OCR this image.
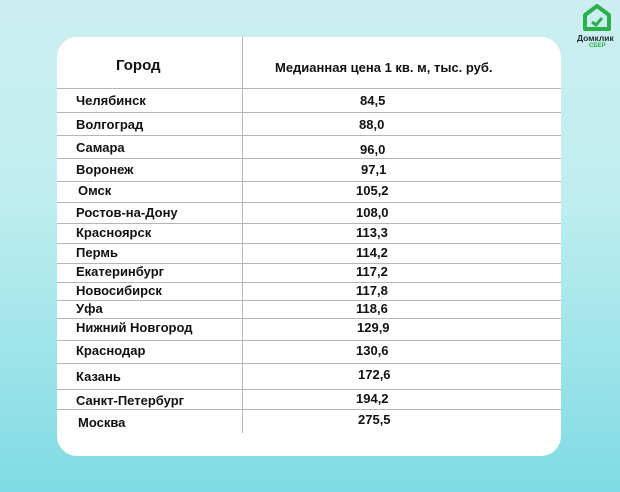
Домклик
СБЕР
Город	Медианная цена 1 кв. м, тыс. руб.
Челябинск	84,5
Волгоград	88,0
Самара	96,0
Воронеж	97,1
Омск	105,2
Ростов-на-Дону	108,0
Красноярск	113,3
Пермь	114,2
Екатеринбург	117,2
Новосибирск	117,8
Уфа	118,6
Нижний Новгород	129,9
Краснодар	130,6
Казань	172,6
Санкт-Петербург	194,2
Москва	275,5
